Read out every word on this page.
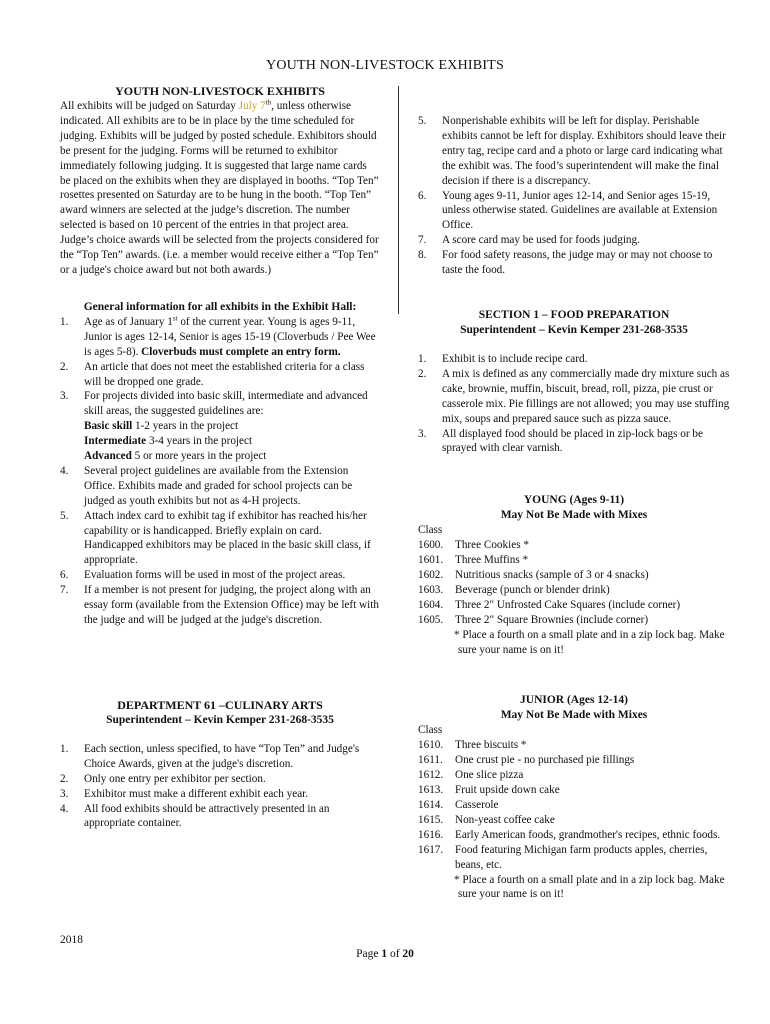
YOUTH NON-LIVESTOCK EXHIBITS
YOUTH NON-LIVESTOCK EXHIBITS

All exhibits will be judged on Saturday July 7th, unless otherwise indicated. All exhibits are to be in place by the time scheduled for judging. Exhibits will be judged by posted schedule. Exhibitors should be present for the judging. Forms will be returned to exhibitor immediately following judging. It is suggested that large name cards be placed on the exhibits when they are displayed in booths. “Top Ten” rosettes presented on Saturday are to be hung in the booth. “Top Ten” award winners are selected at the judge’s discretion. The number selected is based on 10 percent of the entries in that project area. Judge’s choice awards will be selected from the projects considered for the “Top Ten” awards. (i.e. a member would receive either a “Top Ten” or a judge's choice award but not both awards.)

General information for all exhibits in the Exhibit Hall:
1. Age as of January 1st of the current year. Young is ages 9-11, Junior is ages 12-14, Senior is ages 15-19 (Cloverbuds / Pee Wee is ages 5-8). Cloverbuds must complete an entry form.
2. An article that does not meet the established criteria for a class will be dropped one grade.
3. For projects divided into basic skill, intermediate and advanced skill areas, the suggested guidelines are:
Basic skill 1-2 years in the project
Intermediate 3-4 years in the project
Advanced 5 or more years in the project
4. Several project guidelines are available from the Extension Office. Exhibits made and graded for school projects can be judged as youth exhibits but not as 4-H projects.
5. Attach index card to exhibit tag if exhibitor has reached his/her capability or is handicapped. Briefly explain on card. Handicapped exhibitors may be placed in the basic skill class, if appropriate.
6. Evaluation forms will be used in most of the project areas.
7. If a member is not present for judging, the project along with an essay form (available from the Extension Office) may be left with the judge and will be judged at the judge's discretion.
DEPARTMENT 61 –CULINARY ARTS
Superintendent – Kevin Kemper 231-268-3535
1. Each section, unless specified, to have “Top Ten” and Judge's Choice Awards, given at the judge's discretion.
2. Only one entry per exhibitor per section.
3. Exhibitor must make a different exhibit each year.
4. All food exhibits should be attractively presented in an appropriate container.
5. Nonperishable exhibits will be left for display. Perishable exhibits cannot be left for display. Exhibitors should leave their entry tag, recipe card and a photo or large card indicating what the exhibit was. The food’s superintendent will make the final decision if there is a discrepancy.
6. Young ages 9-11, Junior ages 12-14, and Senior ages 15-19, unless otherwise stated. Guidelines are available at Extension Office.
7. A score card may be used for foods judging.
8. For food safety reasons, the judge may or may not choose to taste the food.
SECTION 1 – FOOD PREPARATION
Superintendent – Kevin Kemper 231-268-3535
1. Exhibit is to include recipe card.
2. A mix is defined as any commercially made dry mixture such as cake, brownie, muffin, biscuit, bread, roll, pizza, pie crust or casserole mix. Pie fillings are not allowed; you may use stuffing mix, soups and prepared sauce such as pizza sauce.
3. All displayed food should be placed in zip-lock bags or be sprayed with clear varnish.
YOUNG (Ages 9-11)
May Not Be Made with Mixes
Class
1600. Three Cookies *
1601. Three Muffins *
1602. Nutritious snacks (sample of 3 or 4 snacks)
1603. Beverage (punch or blender drink)
1604. Three 2" Unfrosted Cake Squares (include corner)
1605. Three 2" Square Brownies (include corner)
* Place a fourth on a small plate and in a zip lock bag. Make sure your name is on it!
JUNIOR (Ages 12-14)
May Not Be Made with Mixes
Class
1610. Three biscuits *
1611. One crust pie - no purchased pie fillings
1612. One slice pizza
1613. Fruit upside down cake
1614. Casserole
1615. Non-yeast coffee cake
1616. Early American foods, grandmother's recipes, ethnic foods.
1617. Food featuring Michigan farm products apples, cherries, beans, etc.
* Place a fourth on a small plate and in a zip lock bag. Make sure your name is on it!
2018
Page 1 of 20
